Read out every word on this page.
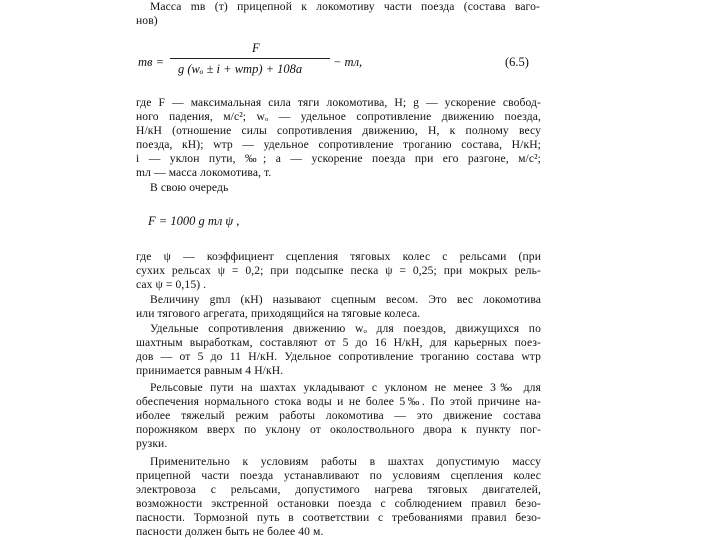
Масса mв (т) прицепной к локомотиву части поезда (состава ваго-
нов)
mв =
F
g (wₒ ± i + wтр) + 108a − mл,	(6.5)
где F — максимальная сила тяги локомотива, Н; g — ускорение свобод-
ного падения, м/с²; wₒ — удельное сопротивление движению поезда,
Н/кН (отношение силы сопротивления движению, Н, к полному весу
поезда, кН); wтр — удельное сопротивление троганию состава, Н/кН;
i — уклон пути, ‰; a — ускорение поезда при его разгоне, м/с²;
mл — масса локомотива, т.
В свою очередь
F = 1000 g mл ψ ,
где ψ — коэффициент сцепления тяговых колес с рельсами (при
сухих рельсах ψ = 0,2; при подсыпке песка ψ = 0,25; при мокрых рель-
сах ψ = 0,15) .
Величину gmл (кН) называют сцепным весом. Это вес локомотива
или тягового агрегата, приходящийся на тяговые колеса.
Удельные сопротивления движению wₒ для поездов, движущихся по
шахтным выработкам, составляют от 5 до 16 Н/кН, для карьерных поез-
дов — от 5 до 11 Н/кН. Удельное сопротивление троганию состава wтр
принимается равным 4 Н/кН.
Рельсовые пути на шахтах укладывают с уклоном не менее 3‰ для
обеспечения нормального стока воды и не более 5‰. По этой причине на-
иболее тяжелый режим работы локомотива — это движение состава
порожняком вверх по уклону от околоствольного двора к пункту пог-
рузки.
Применительно к условиям работы в шахтах допустимую массу
прицепной части поезда устанавливают по условиям сцепления колес
электровоза с рельсами, допустимого нагрева тяговых двигателей,
возможности экстренной остановки поезда с соблюдением правил безо-
пасности. Тормозной путь в соответствии с требованиями правил безо-
пасности должен быть не более 40 м.
